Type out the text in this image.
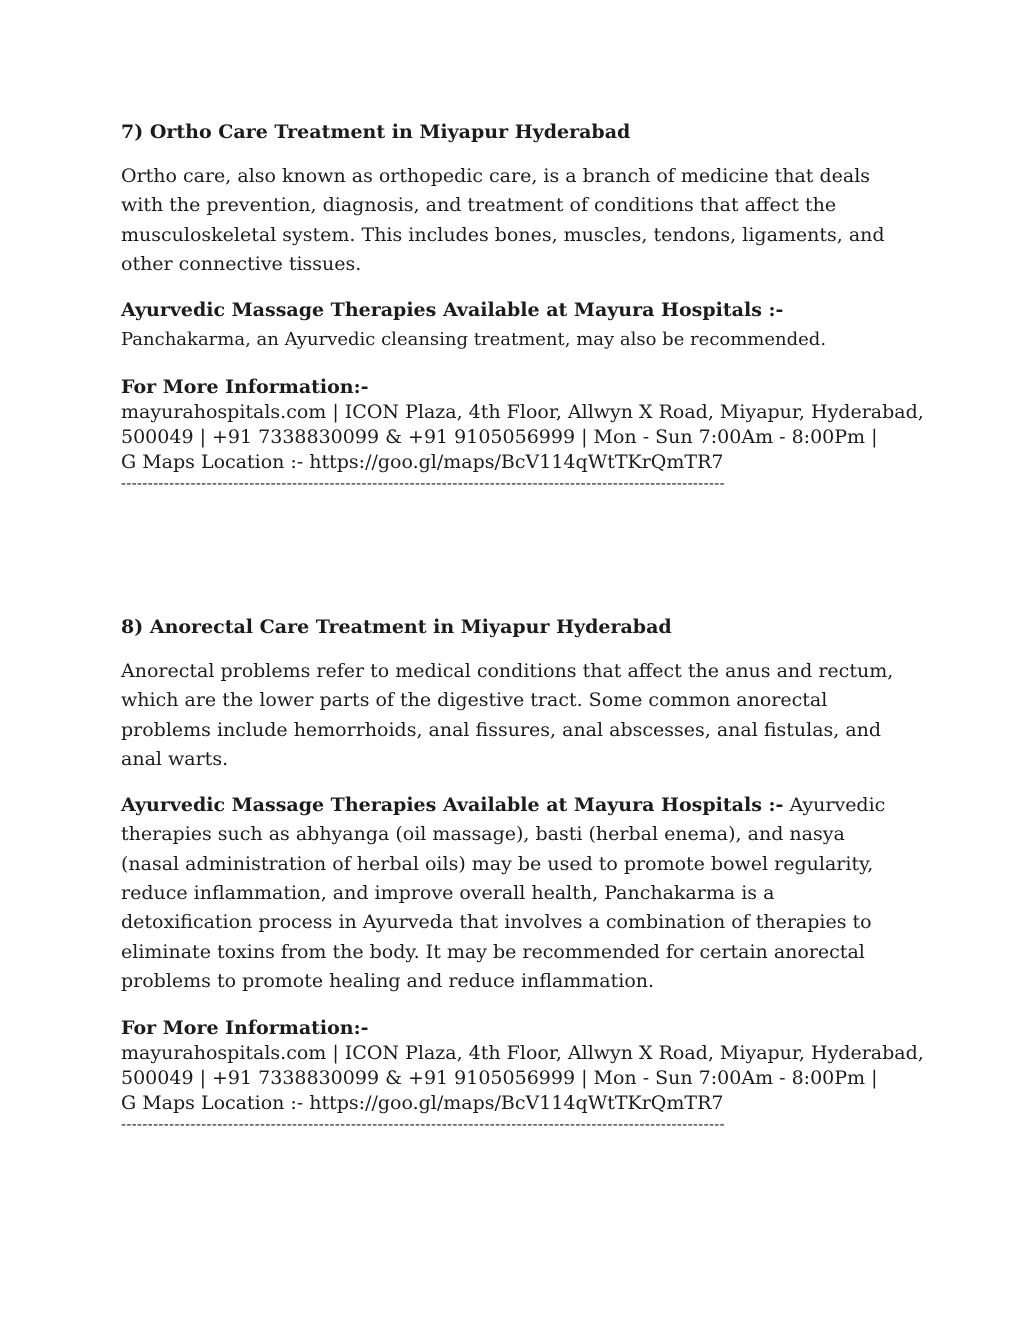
7) Ortho Care Treatment in Miyapur Hyderabad

Ortho care, also known as orthopedic care, is a branch of medicine that deals with the prevention, diagnosis, and treatment of conditions that affect the musculoskeletal system. This includes bones, muscles, tendons, ligaments, and other connective tissues.

Ayurvedic Massage Therapies Available at Mayura Hospitals :- Panchakarma, an Ayurvedic cleansing treatment, may also be recommended.

For More Information:-

mayurahospitals.com | ICON Plaza, 4th Floor, Allwyn X Road, Miyapur, Hyderabad,

500049 | +91 7338830099 & +91 9105056999 | Mon - Sun 7:00Am - 8:00Pm |

G Maps Location :- https://goo.gl/maps/BcV114qWtTKrQmTR7

-----------------------------------------------------------------------------------------------------------------

8) Anorectal Care Treatment in Miyapur Hyderabad

Anorectal problems refer to medical conditions that affect the anus and rectum, which are the lower parts of the digestive tract. Some common anorectal problems include hemorrhoids, anal fissures, anal abscesses, anal fistulas, and anal warts.

Ayurvedic Massage Therapies Available at Mayura Hospitals :- Ayurvedic therapies such as abhyanga (oil massage), basti (herbal enema), and nasya (nasal administration of herbal oils) may be used to promote bowel regularity, reduce inflammation, and improve overall health, Panchakarma is a detoxification process in Ayurveda that involves a combination of therapies to eliminate toxins from the body. It may be recommended for certain anorectal problems to promote healing and reduce inflammation.

For More Information:-

mayurahospitals.com | ICON Plaza, 4th Floor, Allwyn X Road, Miyapur, Hyderabad,

500049 | +91 7338830099 & +91 9105056999 | Mon - Sun 7:00Am - 8:00Pm |

G Maps Location :- https://goo.gl/maps/BcV114qWtTKrQmTR7

-----------------------------------------------------------------------------------------------------------------
